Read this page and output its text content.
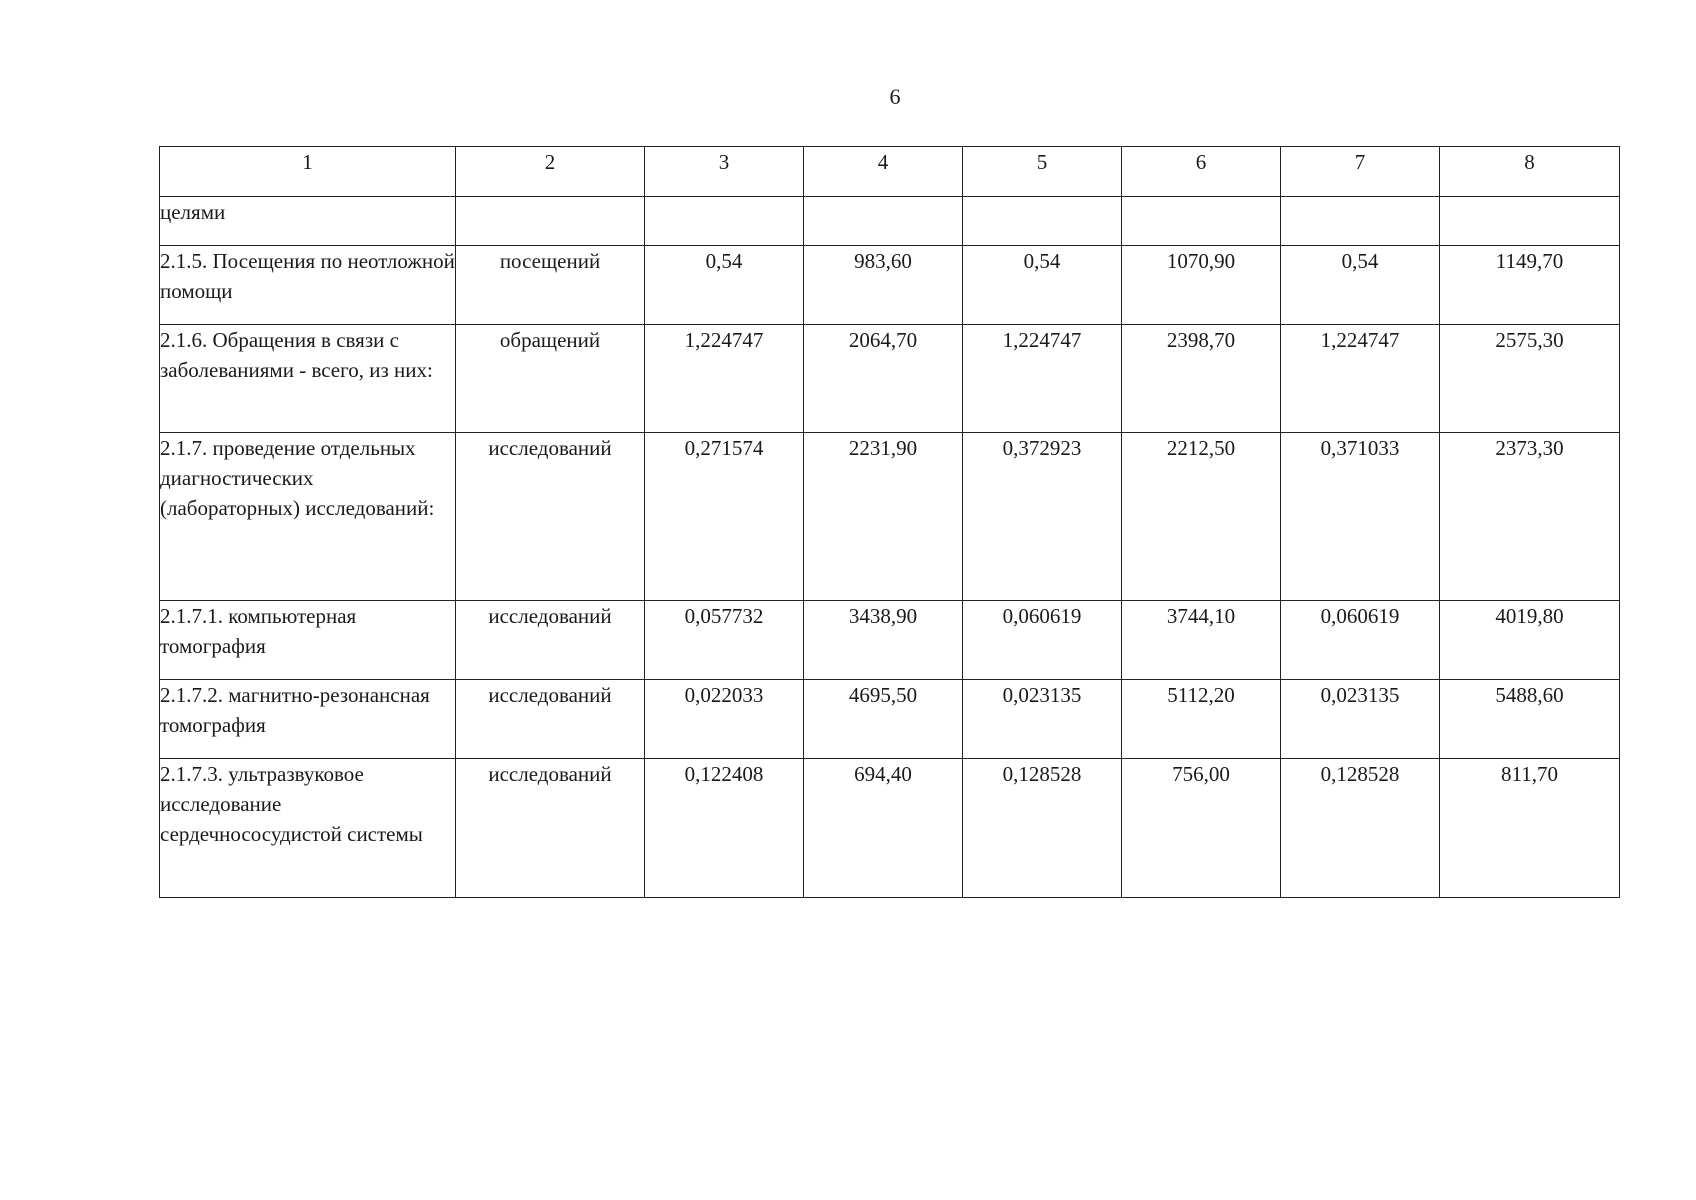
6
1	2	3	4	5	6	7	8
целями							
2.1.5. Посещения по неотложной помощи	посещений	0,54	983,60	0,54	1070,90	0,54	1149,70
2.1.6. Обращения в связи с заболеваниями - всего, из них:	обращений	1,224747	2064,70	1,224747	2398,70	1,224747	2575,30
2.1.7. проведение отдельных диагностических (лабораторных) исследований:	исследований	0,271574	2231,90	0,372923	2212,50	0,371033	2373,30
2.1.7.1. компьютерная томография	исследований	0,057732	3438,90	0,060619	3744,10	0,060619	4019,80
2.1.7.2. магнитно-резонансная томография	исследований	0,022033	4695,50	0,023135	5112,20	0,023135	5488,60
2.1.7.3. ультразвуковое исследование сердечнососудистой системы	исследований	0,122408	694,40	0,128528	756,00	0,128528	811,70
